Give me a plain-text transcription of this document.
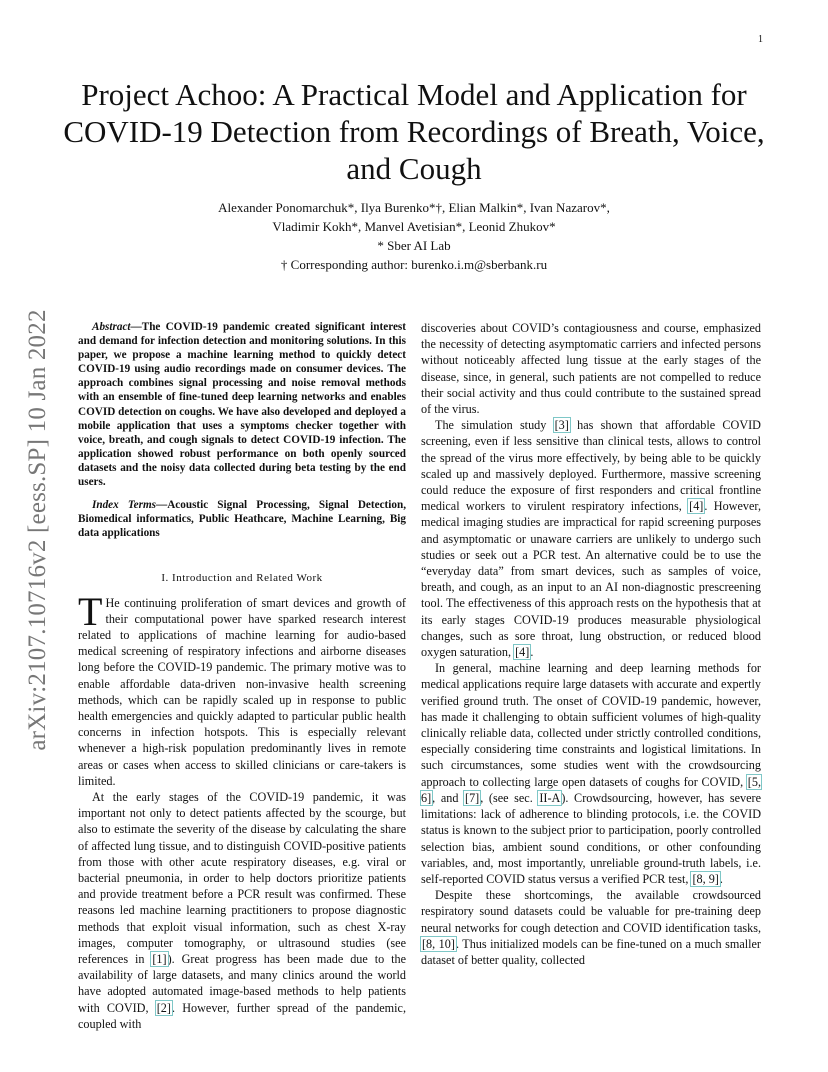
1
arXiv:2107.10716v2 [eess.SP] 10 Jan 2022
Project Achoo: A Practical Model and Application for COVID-19 Detection from Recordings of Breath, Voice, and Cough
Alexander Ponomarchuk*, Ilya Burenko*†, Elian Malkin*, Ivan Nazarov*,
Vladimir Kokh*, Manvel Avetisian*, Leonid Zhukov*
* Sber AI Lab
† Corresponding author: burenko.i.m@sberbank.ru

Abstract—The COVID-19 pandemic created significant interest and demand for infection detection and monitoring solutions. In this paper, we propose a machine learning method to quickly detect COVID-19 using audio recordings made on consumer devices. The approach combines signal processing and noise removal methods with an ensemble of fine-tuned deep learning networks and enables COVID detection on coughs. We have also developed and deployed a mobile application that uses a symptoms checker together with voice, breath, and cough signals to detect COVID-19 infection. The application showed robust performance on both openly sourced datasets and the noisy data collected during beta testing by the end users.

Index Terms—Acoustic Signal Processing, Signal Detection, Biomedical informatics, Public Heathcare, Machine Learning, Big data applications

I. Introduction and Related Work

T He continuing proliferation of smart devices and growth of their computational power have sparked research interest related to applications of machine learning for audio-based medical screening of respiratory infections and airborne diseases long before the COVID-19 pandemic. The primary motive was to enable affordable data-driven non-invasive health screening methods, which can be rapidly scaled up in response to public health emergencies and quickly adapted to particular public health concerns in infection hotspots. This is especially relevant whenever a high-risk population predominantly lives in remote areas or cases when access to skilled clinicians or care-takers is limited.

At the early stages of the COVID-19 pandemic, it was important not only to detect patients affected by the scourge, but also to estimate the severity of the disease by calculating the share of affected lung tissue, and to distinguish COVID-positive patients from those with other acute respiratory diseases, e.g. viral or bacterial pneumonia, in order to help doctors prioritize patients and provide treatment before a PCR result was confirmed. These reasons led machine learning practitioners to propose diagnostic methods that exploit visual information, such as chest X-ray images, computer tomography, or ultrasound studies (see references in [1]). Great progress has been made due to the availability of large datasets, and many clinics around the world have adopted automated image-based methods to help patients with COVID, [2]. However, further spread of the pandemic, coupled with

discoveries about COVID’s contagiousness and course, emphasized the necessity of detecting asymptomatic carriers and infected persons without noticeably affected lung tissue at the early stages of the disease, since, in general, such patients are not compelled to reduce their social activity and thus could contribute to the sustained spread of the virus.

The simulation study [3] has shown that affordable COVID screening, even if less sensitive than clinical tests, allows to control the spread of the virus more effectively, by being able to be quickly scaled up and massively deployed. Furthermore, massive screening could reduce the exposure of first responders and critical frontline medical workers to virulent respiratory infections, [4]. However, medical imaging studies are impractical for rapid screening purposes and asymptomatic or unaware carriers are unlikely to undergo such studies or seek out a PCR test. An alternative could be to use the “everyday data” from smart devices, such as samples of voice, breath, and cough, as an input to an AI non-diagnostic prescreening tool. The effectiveness of this approach rests on the hypothesis that at its early stages COVID-19 produces measurable physiological changes, such as sore throat, lung obstruction, or reduced blood oxygen saturation, [4].

In general, machine learning and deep learning methods for medical applications require large datasets with accurate and expertly verified ground truth. The onset of COVID-19 pandemic, however, has made it challenging to obtain sufficient volumes of high-quality clinically reliable data, collected under strictly controlled conditions, especially considering time constraints and logistical limitations. In such circumstances, some studies went with the crowdsourcing approach to collecting large open datasets of coughs for COVID, [5, 6], and [7], (see sec. II-A). Crowdsourcing, however, has severe limitations: lack of adherence to blinding protocols, i.e. the COVID status is known to the subject prior to participation, poorly controlled selection bias, ambient sound conditions, or other confounding variables, and, most importantly, unreliable ground-truth labels, i.e. self-reported COVID status versus a verified PCR test, [8, 9].

Despite these shortcomings, the available crowdsourced respiratory sound datasets could be valuable for pre-training deep neural networks for cough detection and COVID identification tasks, [8, 10]. Thus initialized models can be fine-tuned on a much smaller dataset of better quality, collected
